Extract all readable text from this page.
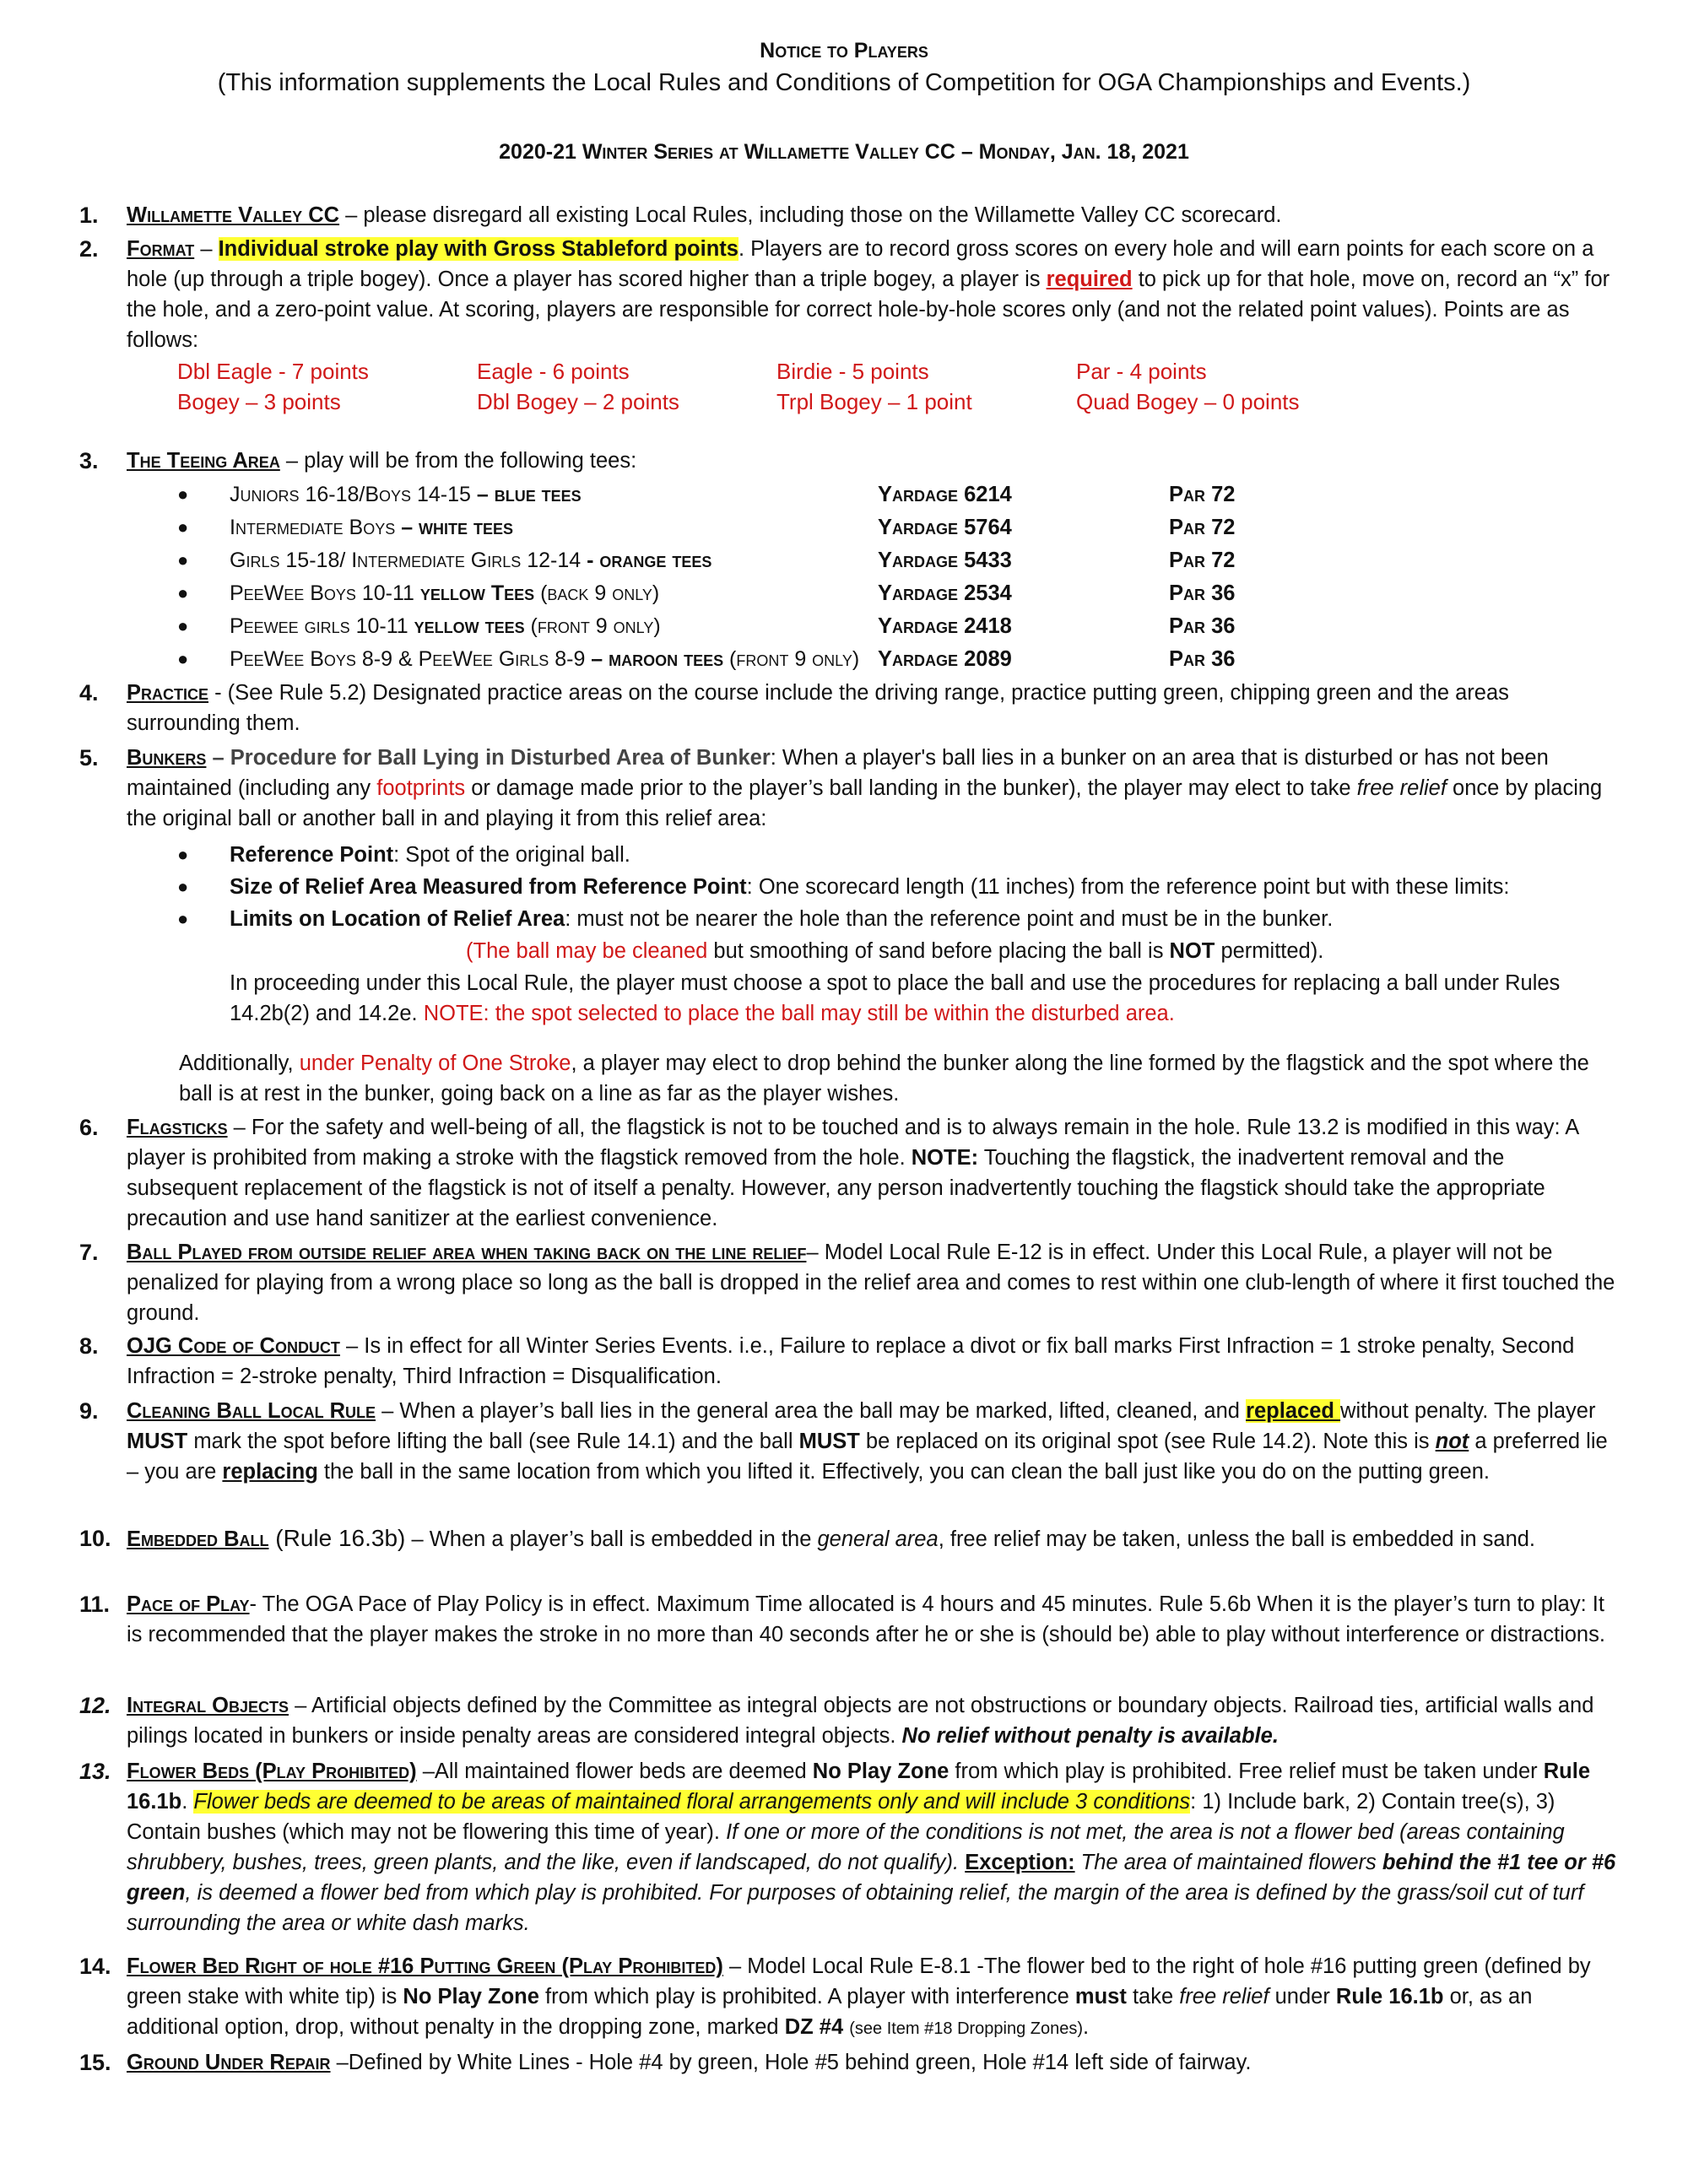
Notice to Players
(This information supplements the Local Rules and Conditions of Competition for OGA Championships and Events.)
2020-21 Winter Series at Willamette Valley CC – Monday, Jan. 18, 2021
1.	Willamette Valley CC – please disregard all existing Local Rules, including those on the Willamette Valley CC scorecard.

2.	Format – Individual stroke play with Gross Stableford points. Players are to record gross scores on every hole and will earn points for each score on a hole (up through a triple bogey). Once a player has scored higher than a triple bogey, a player is required to pick up for that hole, move on, record an “x” for the hole, and a zero-point value. At scoring, players are responsible for correct hole-by-hole scores only (and not the related point values). Points are as follows:

Dbl Eagle - 7 points	Eagle - 6 points	Birdie - 5 points	Par - 4 points
Bogey – 3 points	Dbl Bogey – 2 points	Trpl Bogey – 1 point	Quad Bogey – 0 points
3.	The Teeing Area – play will be from the following tees:

● Juniors 16-18/Boys 14-15 – blue tees	Yardage 6214	Par 72
● Intermediate Boys – white tees	Yardage 5764	Par 72
● Girls 15-18/ Intermediate Girls 12-14 - orange tees	Yardage 5433	Par 72
● PeeWee Boys 10-11 yellow Tees (back 9 only)	Yardage 2534	Par 36
● Peewee girls 10-11 yellow tees (front 9 only)	Yardage 2418	Par 36
● PeeWee Boys 8-9 & PeeWee Girls 8-9 – maroon tees (front 9 only) Yardage 2089	Par 36
4.	Practice - (See Rule 5.2) Designated practice areas on the course include the driving range, practice putting green, chipping green and the areas surrounding them.

5.	Bunkers – Procedure for Ball Lying in Disturbed Area of Bunker: When a player's ball lies in a bunker on an area that is disturbed or has not been maintained (including any footprints or damage made prior to the player’s ball landing in the bunker), the player may elect to take free relief once by placing the original ball or another ball in and playing it from this relief area:

● Reference Point: Spot of the original ball.
● Size of Relief Area Measured from Reference Point: One scorecard length (11 inches) from the reference point but with these limits:
● Limits on Location of Relief Area: must not be nearer the hole than the reference point and must be in the bunker.
(The ball may be cleaned but smoothing of sand before placing the ball is NOT permitted).

In proceeding under this Local Rule, the player must choose a spot to place the ball and use the procedures for replacing a ball under Rules 14.2b(2) and 14.2e. NOTE: the spot selected to place the ball may still be within the disturbed area.

Additionally, under Penalty of One Stroke, a player may elect to drop behind the bunker along the line formed by the flagstick and the spot where the ball is at rest in the bunker, going back on a line as far as the player wishes.

6.	Flagsticks – For the safety and well-being of all, the flagstick is not to be touched and is to always remain in the hole. Rule 13.2 is modified in this way: A player is prohibited from making a stroke with the flagstick removed from the hole. NOTE: Touching the flagstick, the inadvertent removal and the subsequent replacement of the flagstick is not of itself a penalty. However, any person inadvertently touching the flagstick should take the appropriate precaution and use hand sanitizer at the earliest convenience.

7.	Ball Played from outside relief area when taking back on the line relief– Model Local Rule E-12 is in effect. Under this Local Rule, a player will not be penalized for playing from a wrong place so long as the ball is dropped in the relief area and comes to rest within one club-length of where it first touched the ground.

8.	OJG Code of Conduct – Is in effect for all Winter Series Events. i.e., Failure to replace a divot or fix ball marks First Infraction = 1 stroke penalty, Second Infraction = 2-stroke penalty, Third Infraction = Disqualification.

9.	Cleaning Ball Local Rule – When a player’s ball lies in the general area the ball may be marked, lifted, cleaned, and replaced without penalty. The player MUST mark the spot before lifting the ball (see Rule 14.1) and the ball MUST be replaced on its original spot (see Rule 14.2). Note this is not a preferred lie – you are replacing the ball in the same location from which you lifted it. Effectively, you can clean the ball just like you do on the putting green.

10. Embedded Ball (Rule 16.3b) – When a player’s ball is embedded in the general area, free relief may be taken, unless the ball is embedded in sand.

11. Pace of Play- The OGA Pace of Play Policy is in effect. Maximum Time allocated is 4 hours and 45 minutes. Rule 5.6b When it is the player’s turn to play: It is recommended that the player makes the stroke in no more than 40 seconds after he or she is (should be) able to play without interference or distractions.

12. Integral Objects – Artificial objects defined by the Committee as integral objects are not obstructions or boundary objects. Railroad ties, artificial walls and pilings located in bunkers or inside penalty areas are considered integral objects. No relief without penalty is available.

13. Flower Beds (Play Prohibited) –All maintained flower beds are deemed No Play Zone from which play is prohibited. Free relief must be taken under Rule 16.1b. Flower beds are deemed to be areas of maintained floral arrangements only and will include 3 conditions: 1) Include bark, 2) Contain tree(s), 3) Contain bushes (which may not be flowering this time of year). If one or more of the conditions is not met, the area is not a flower bed (areas containing shrubbery, bushes, trees, green plants, and the like, even if landscaped, do not qualify). Exception: The area of maintained flowers behind the #1 tee or #6 green, is deemed a flower bed from which play is prohibited. For purposes of obtaining relief, the margin of the area is defined by the grass/soil cut of turf surrounding the area or white dash marks.

14. Flower Bed Right of hole #16 Putting Green (Play Prohibited) – Model Local Rule E-8.1 -The flower bed to the right of hole #16 putting green (defined by green stake with white tip) is No Play Zone from which play is prohibited. A player with interference must take free relief under Rule 16.1b or, as an additional option, drop, without penalty in the dropping zone, marked DZ #4 (see Item #18 Dropping Zones).

15. Ground Under Repair –Defined by White Lines - Hole #4 by green, Hole #5 behind green, Hole #14 left side of fairway.
